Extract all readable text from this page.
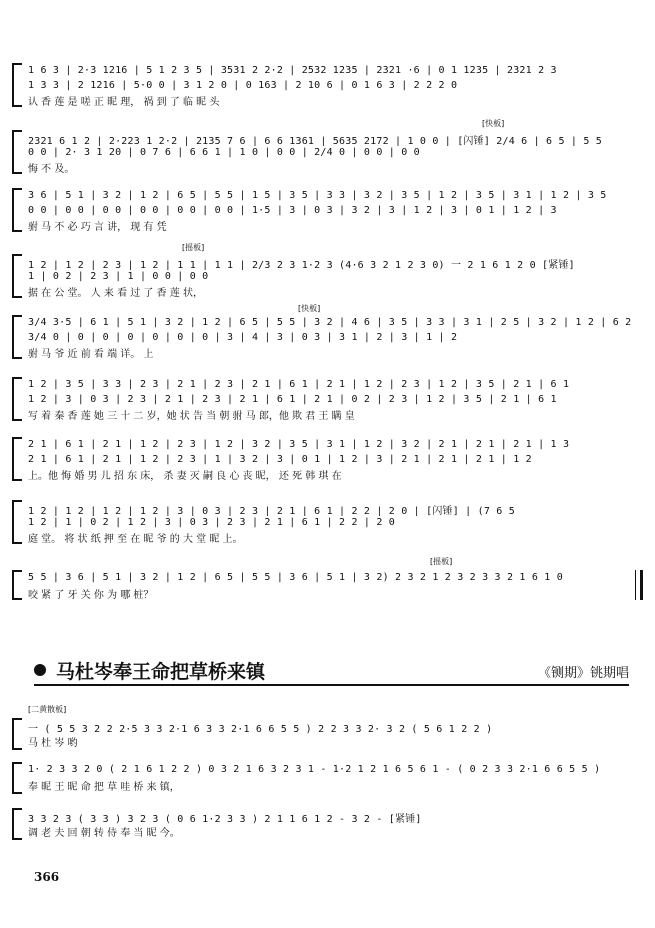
1 6 3 | 2·3 1216 | 5 1 2 3 5 | 3531 2 2·2 | 2532 1235 | 2321 ·6 | 0 1 1235 | 2321 2 3
1 3 3 | 2 1216 | 5·0 0 | 3 1 2 0 | 0 163 | 2 10 6 | 0 1 6 3 | 2 2 2 0
认 香 莲 是 嗟 正 昵 理， 祸 到 了 临 昵 头
[快板]
2321 6 1 2 | 2·223 1 2·2 | 2135 7 6 | 6 6 1361 | 5635 2172 | 1 0 0 | [闪锤] 2/4 6 | 6 5 | 5 5
0 0 | 2· 3 1 20 | 0 7 6 | 6 6 1 | 1 0 | 0 0 | 2/4 0 | 0 0 | 0 0
悔 不 及。
3 6 | 5 1 | 3 2 | 1 2 | 6 5 | 5 5 | 1 5 | 3 5 | 3 3 | 3 2 | 3 5 | 1 2 | 3 5 | 3 1 | 1 2 | 3 5
0 0 | 0 0 | 0 0 | 0 0 | 0 0 | 0 0 | 1·5 | 3 | 0 3 | 3 2 | 3 | 1 2 | 3 | 0 1 | 1 2 | 3
驸 马 不 必 巧 言 讲， 现 有 凭
[摇板]
1 2 | 1 2 | 2 3 | 1 2 | 1 1 | 1 1 | 2/3 2 3 1·2 3 (4·6 3 2 1 2 3 0) 一 2 1 6 1 2 0 [紧锤]
1 | 0 2 | 2 3 | 1 | 0 0 | 0 0
据 在 公 堂。 人 来 看 过 了 香 莲 状，
[快板]
3/4 3·5 | 6 1 | 5 1 | 3 2 | 1 2 | 6 5 | 5 5 | 3 2 | 4 6 | 3 5 | 3 3 | 3 1 | 2 5 | 3 2 | 1 2 | 6 2
3/4 0 | 0 | 0 | 0 | 0 | 0 | 0 | 3 | 4 | 3 | 0 3 | 3 1 | 2 | 3 | 1 | 2
驸 马 爷 近 前 看 端 详。 上
1 2 | 3 5 | 3 3 | 2 3 | 2 1 | 2 3 | 2 1 | 6 1 | 2 1 | 1 2 | 2 3 | 1 2 | 3 5 | 2 1 | 6 1
1 2 | 3 | 0 3 | 2 3 | 2 1 | 2 3 | 2 1 | 6 1 | 2 1 | 0 2 | 2 3 | 1 2 | 3 5 | 2 1 | 6 1
写 着 秦 香 莲 她 三 十 二 岁，她 状 告 当 朝 驸 马 郎，他 欺 君 王 瞒 皇
2 1 | 6 1 | 2 1 | 1 2 | 2 3 | 1 2 | 3 2 | 3 5 | 3 1 | 1 2 | 3 2 | 2 1 | 2 1 | 2 1 | 1 3
2 1 | 6 1 | 2 1 | 1 2 | 2 3 | 1 | 3 2 | 3 | 0 1 | 1 2 | 3 | 2 1 | 2 1 | 2 1 | 1 2
上。他 悔 婚 男 儿 招 东 床， 杀 妻 灭 嗣 良 心 丧 昵， 还 死 韩 琪 在
1 2 | 1 2 | 1 2 | 1 2 | 3 | 0 3 | 2 3 | 2 1 | 6 1 | 2 2 | 2 0 | [闪锤] | (7 6 5
1 2 | 1 | 0 2 | 1 2 | 3 | 0 3 | 2 3 | 2 1 | 6 1 | 2 2 | 2 0
庭 堂。 将 状 纸 押 至 在 昵 爷 的 大 堂 昵 上。
[摇板]
5 5 | 3 6 | 5 1 | 3 2 | 1 2 | 6 5 | 5 5 | 3 6 | 5 1 | 3 2) 2 3 2 1 2 3 2 3 3 2 1 6 1 0
咬 紧 了 牙 关 你 为 哪 桩？
马杜岑奉王命把草桥来镇	《铡期》铫期唱
[二黄散板]
一 ( 5 5 3 2 2 2·5 3 3 2·1 6 3 3 2·1 6 6 5 5 ) 2 2 3 3 2· 3 2 ( 5 6 1 2 2 )
马 杜 岑 哟
1· 2 3 3 2 0 ( 2 1 6 1 2 2 ) 0 3 2 1 6 3 2 3 1 - 1·2 1 2 1 6 5 6 1 - ( 0 2 3 3 2·1 6 6 5 5 )
奉 昵 王 昵 命 把 草 哇 桥 来 镇，
3 3 2 3 ( 3 3 ) 3 2 3 ( 0 6 1·2 3 3 ) 2 1 1 6 1 2 - 3 2 - [紧锤]
调 老 夫 回 朝 转 侍 奉 当 昵 今。
366
